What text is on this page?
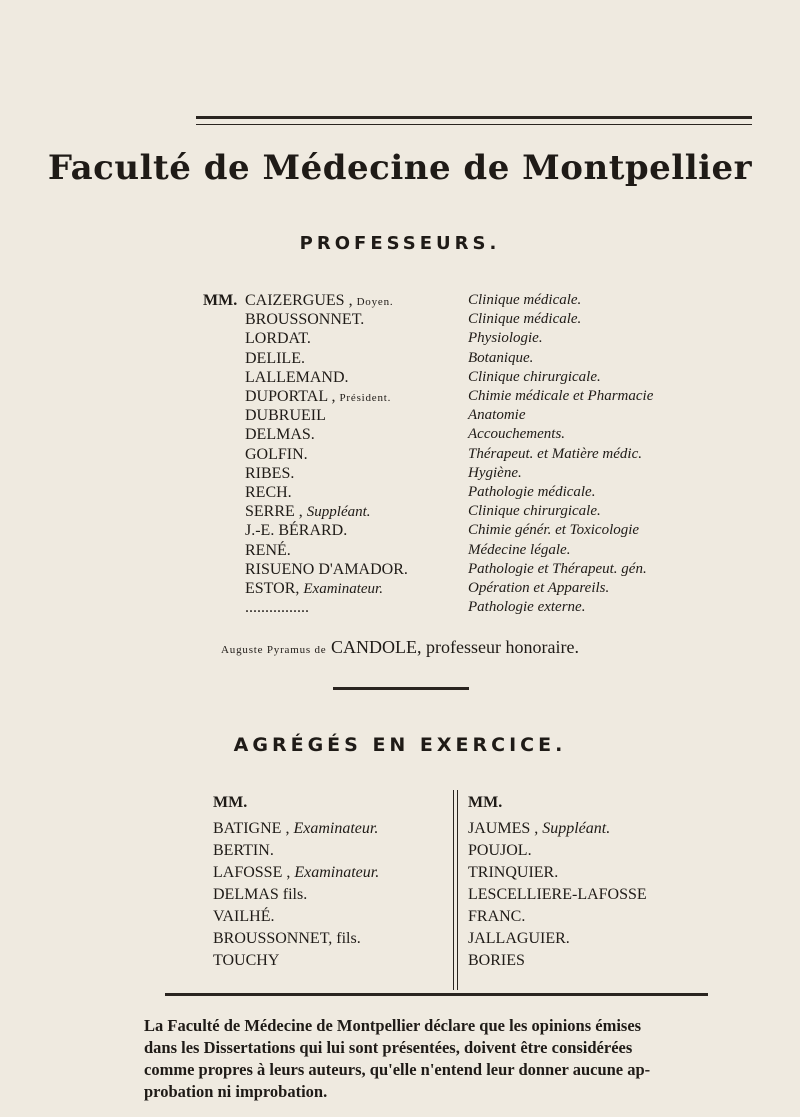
Faculté de Médecine de Montpellier
PROFESSEURS.
MM. CAIZERGUES , Doyen.	Clinique médicale.
BROUSSONNET.	Clinique médicale.
LORDAT.	Physiologie.
DELILE.	Botanique.
LALLEMAND.	Clinique chirurgicale.
DUPORTAL , Président.	Chimie médicale et Pharmacie
DUBRUEIL	Anatomie
DELMAS.	Accouchements.
GOLFIN.	Thérapeut. et Matière médic.
RIBES.	Hygiène.
RECH.	Pathologie médicale.
SERRE , Suppléant.	Clinique chirurgicale.
J.-E. BÉRARD.	Chimie génér. et Toxicologie
RENÉ.	Médecine légale.
RISUENO D'AMADOR.	Pathologie et Thérapeut. gén.
ESTOR, Examinateur.	Opération et Appareils.
................	Pathologie externe.
Auguste Pyramus de CANDOLE, professeur honoraire.
AGRÉGÉS EN EXERCICE.
MM.
BATIGNE , Examinateur.
BERTIN.
LAFOSSE , Examinateur.
DELMAS fils.
VAILHÉ.
BROUSSONNET, fils.
TOUCHY
MM.
JAUMES , Suppléant.
POUJOL.
TRINQUIER.
LESCELLIERE-LAFOSSE
FRANC.
JALLAGUIER.
BORIES
La Faculté de Médecine de Montpellier déclare que les opinions émises
dans les Dissertations qui lui sont présentées, doivent être considérées
comme propres à leurs auteurs, qu'elle n'entend leur donner aucune ap-
probation ni improbation.
